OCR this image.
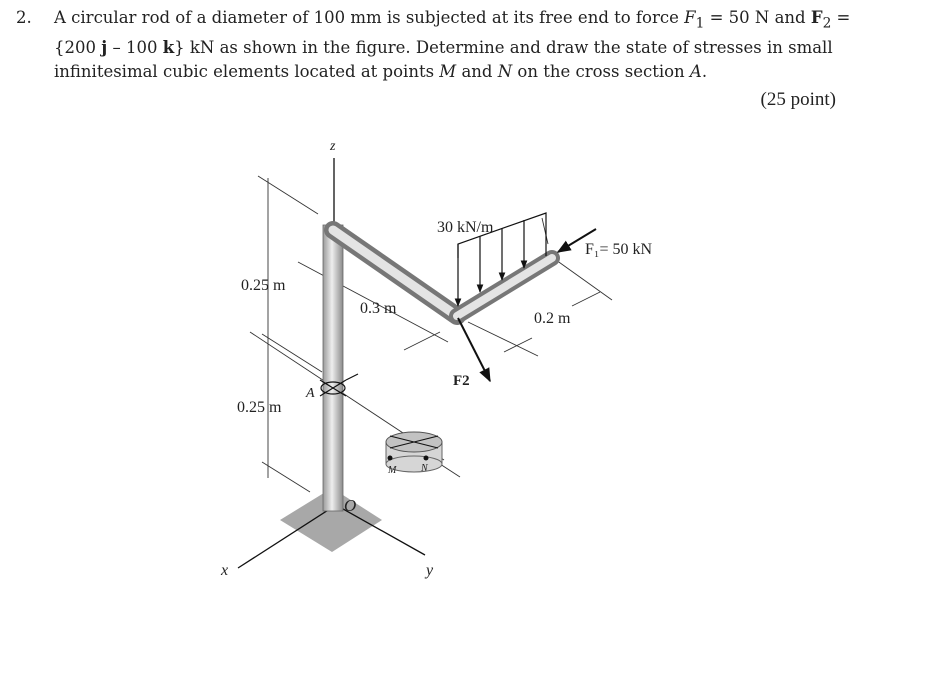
2. A circular rod of a diameter of 100 mm is subjected at its free end to force $F_1 = 50$ N and $F_2 = \{200$ j – 100 k} kN as shown in the figure. Determine and draw the state of stresses in small infinitesimal cubic elements located at points M and N on the cross section A.
(25 point)
z
x	y
O
A
0.25 m
0.25 m
0.3 m
0.2 m
30 kN/m
F₁= 50 kN
F2
M N
